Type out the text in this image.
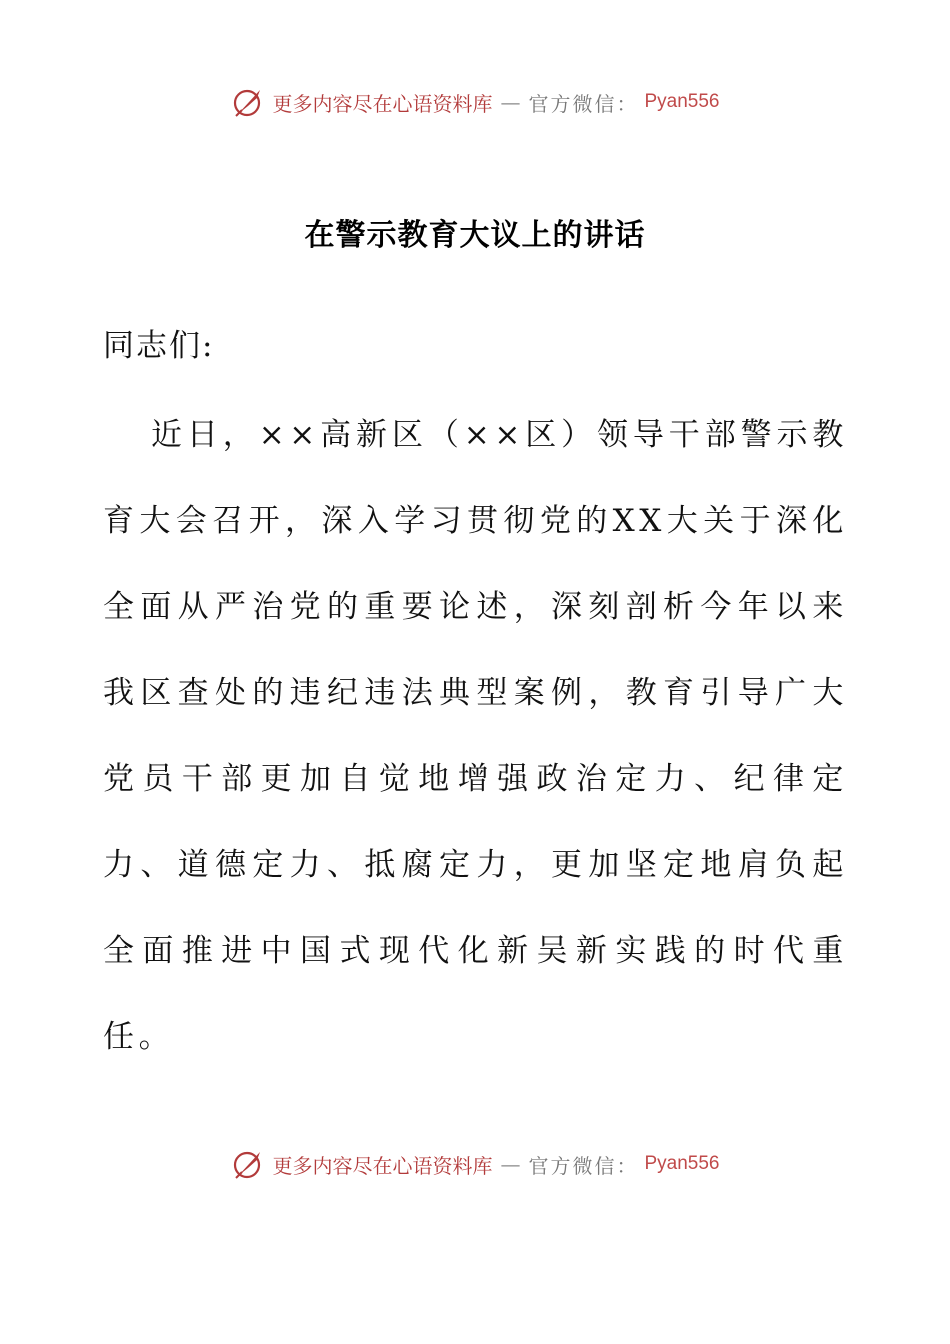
更多内容尽在心语资料库 — 官方微信： Pyan556
在警示教育大议上的讲话
同志们:

近日，××高新区（××区）领导干部警示教育大会召开，深入学习贯彻党的XX大关于深化全面从严治党的重要论述，深刻剖析今年以来我区查处的违纪违法典型案例，教育引导广大党员干部更加自觉地增强政治定力、纪律定力、道德定力、抵腐定力，更加坚定地肩负起全面推进中国式现代化新吴新实践的时代重任。

更多内容尽在心语资料库 — 官方微信： Pyan556
